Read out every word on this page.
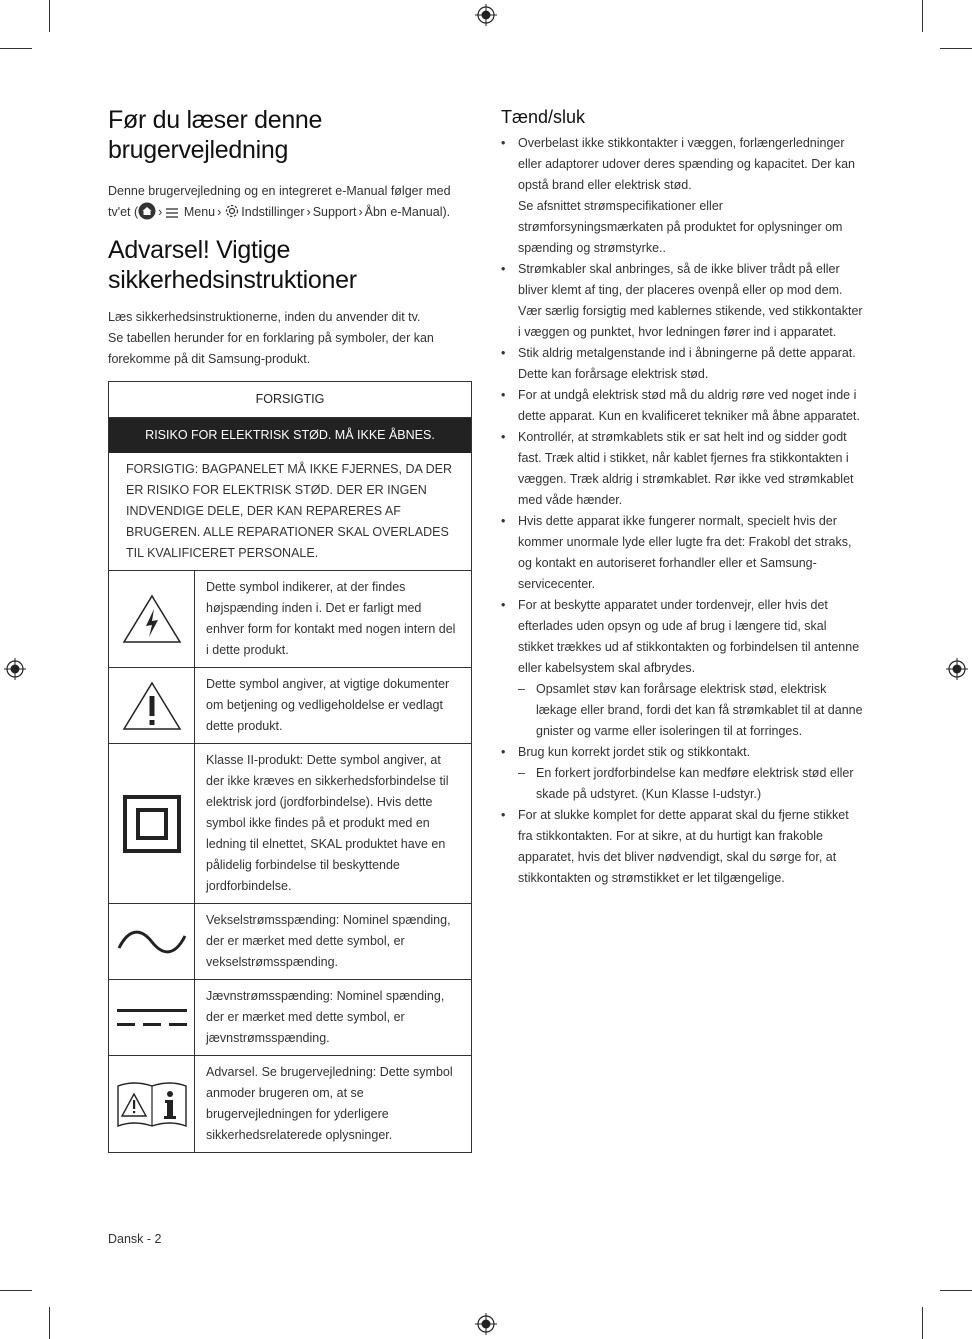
Før du læser denne brugervejledning

Denne brugervejledning og en integreret e-Manual følger med tv'et ( › Menu › Indstillinger › Support › Åbn e-Manual).

Advarsel! Vigtige sikkerhedsinstruktioner

Læs sikkerhedsinstruktionerne, inden du anvender dit tv.
Se tabellen herunder for en forklaring på symboler, der kan forekomme på dit Samsung-produkt.

FORSIGTIG
RISIKO FOR ELEKTRISK STØD. MÅ IKKE ÅBNES.
FORSIGTIG: BAGPANELET MÅ IKKE FJERNES, DA DER ER RISIKO FOR ELEKTRISK STØD. DER ER INGEN INDVENDIGE DELE, DER KAN REPARERES AF BRUGEREN. ALLE REPARATIONER SKAL OVERLADES TIL KVALIFICERET PERSONALE.
Dette symbol indikerer, at der findes højspænding inden i. Det er farligt med enhver form for kontakt med nogen intern del i dette produkt.
Dette symbol angiver, at vigtige dokumenter om betjening og vedligeholdelse er vedlagt dette produkt.
Klasse II-produkt: Dette symbol angiver, at der ikke kræves en sikkerhedsforbindelse til elektrisk jord (jordforbindelse). Hvis dette symbol ikke findes på et produkt med en ledning til elnettet, SKAL produktet have en pålidelig forbindelse til beskyttende jordforbindelse.
Vekselstrømsspænding: Nominel spænding, der er mærket med dette symbol, er vekselstrømsspænding.
Jævnstrømsspænding: Nominel spænding, der er mærket med dette symbol, er jævnstrømsspænding.
Advarsel. Se brugervejledning: Dette symbol anmoder brugeren om, at se brugervejledningen for yderligere sikkerhedsrelaterede oplysninger.
Tænd/sluk
• Overbelast ikke stikkontakter i væggen, forlængerledninger eller adaptorer udover deres spænding og kapacitet. Der kan opstå brand eller elektrisk stød.
Se afsnittet strømspecifikationer eller strømforsyningsmærkaten på produktet for oplysninger om spænding og strømstyrke..
• Strømkabler skal anbringes, så de ikke bliver trådt på eller bliver klemt af ting, der placeres ovenpå eller op mod dem. Vær særlig forsigtig med kablernes stikende, ved stikkontakter i væggen og punktet, hvor ledningen fører ind i apparatet.
• Stik aldrig metalgenstande ind i åbningerne på dette apparat. Dette kan forårsage elektrisk stød.
• For at undgå elektrisk stød må du aldrig røre ved noget inde i dette apparat. Kun en kvalificeret tekniker må åbne apparatet.
• Kontrollér, at strømkablets stik er sat helt ind og sidder godt fast. Træk altid i stikket, når kablet fjernes fra stikkontakten i væggen. Træk aldrig i strømkablet. Rør ikke ved strømkablet med våde hænder.
• Hvis dette apparat ikke fungerer normalt, specielt hvis der kommer unormale lyde eller lugte fra det: Frakobl det straks, og kontakt en autoriseret forhandler eller et Samsung-servicecenter.
• For at beskytte apparatet under tordenvejr, eller hvis det efterlades uden opsyn og ude af brug i længere tid, skal stikket trækkes ud af stikkontakten og forbindelsen til antenne eller kabelsystem skal afbrydes.
– Opsamlet støv kan forårsage elektrisk stød, elektrisk lækage eller brand, fordi det kan få strømkablet til at danne gnister og varme eller isoleringen til at forringes.
• Brug kun korrekt jordet stik og stikkontakt.
– En forkert jordforbindelse kan medføre elektrisk stød eller skade på udstyret. (Kun Klasse I-udstyr.)
• For at slukke komplet for dette apparat skal du fjerne stikket fra stikkontakten. For at sikre, at du hurtigt kan frakoble apparatet, hvis det bliver nødvendigt, skal du sørge for, at stikkontakten og strømstikket er let tilgængelige.
Dansk - 2
